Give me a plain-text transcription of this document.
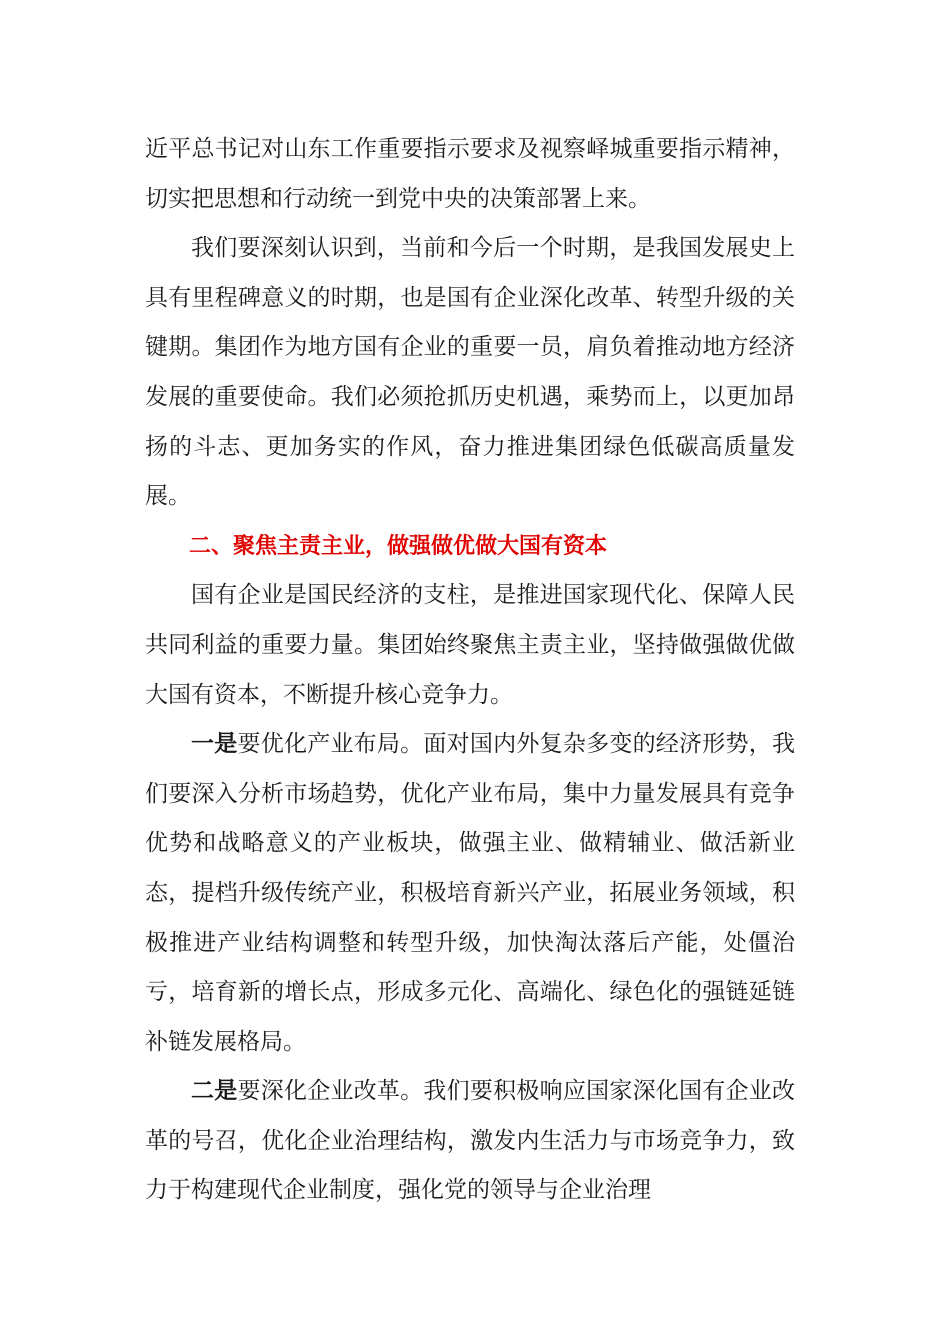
近平总书记对山东工作重要指示要求及视察峄城重要指示精神，切实把思想和行动统一到党中央的决策部署上来。

我们要深刻认识到，当前和今后一个时期，是我国发展史上具有里程碑意义的时期，也是国有企业深化改革、转型升级的关键期。集团作为地方国有企业的重要一员，肩负着推动地方经济发展的重要使命。我们必须抢抓历史机遇，乘势而上，以更加昂扬的斗志、更加务实的作风，奋力推进集团绿色低碳高质量发展。

二、聚焦主责主业，做强做优做大国有资本

国有企业是国民经济的支柱，是推进国家现代化、保障人民共同利益的重要力量。集团始终聚焦主责主业，坚持做强做优做大国有资本，不断提升核心竞争力。

一是要优化产业布局。面对国内外复杂多变的经济形势，我们要深入分析市场趋势，优化产业布局，集中力量发展具有竞争优势和战略意义的产业板块，做强主业、做精辅业、做活新业态，提档升级传统产业，积极培育新兴产业，拓展业务领域，积极推进产业结构调整和转型升级，加快淘汰落后产能，处僵治亏，培育新的增长点，形成多元化、高端化、绿色化的强链延链补链发展格局。

二是要深化企业改革。我们要积极响应国家深化国有企业改革的号召，优化企业治理结构，激发内生活力与市场竞争力，致力于构建现代企业制度，强化党的领导与企业治理
